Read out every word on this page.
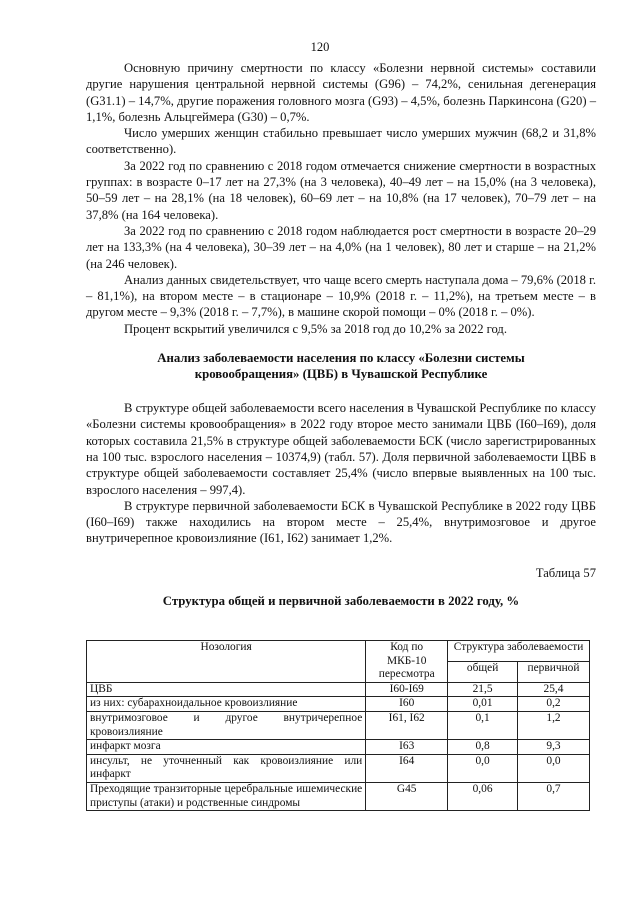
120

Основную причину смертности по классу «Болезни нервной системы» составили другие нарушения центральной нервной системы (G96) – 74,2%, сенильная дегенерация (G31.1) – 14,7%, другие поражения головного мозга (G93) – 4,5%, болезнь Паркинсона (G20) – 1,1%, болезнь Альцгеймера (G30) – 0,7%.

Число умерших женщин стабильно превышает число умерших мужчин (68,2 и 31,8% соответственно).

За 2022 год по сравнению с 2018 годом отмечается снижение смертности в возрастных группах: в возрасте 0–17 лет на 27,3% (на 3 человека), 40–49 лет – на 15,0% (на 3 человека), 50–59 лет – на 28,1% (на 18 человек), 60–69 лет – на 10,8% (на 17 человек), 70–79 лет – на 37,8% (на 164 человека).

За 2022 год по сравнению с 2018 годом наблюдается рост смертности в возрасте 20–29 лет на 133,3% (на 4 человека), 30–39 лет – на 4,0% (на 1 человек), 80 лет и старше – на 21,2% (на 246 человек).

Анализ данных свидетельствует, что чаще всего смерть наступала дома – 79,6% (2018 г. – 81,1%), на втором месте – в стационаре – 10,9% (2018 г. – 11,2%), на третьем месте – в другом месте – 9,3% (2018 г. – 7,7%), в машине скорой помощи – 0% (2018 г. – 0%).

Процент вскрытий увеличился с 9,5% за 2018 год до 10,2% за 2022 год.

Анализ заболеваемости населения по классу «Болезни системы
кровообращения» (ЦВБ) в Чувашской Республике

В структуре общей заболеваемости всего населения в Чувашской Республике по классу «Болезни системы кровообращения» в 2022 году второе место занимали ЦВБ (I60–I69), доля которых составила 21,5% в структуре общей заболеваемости БСК (число зарегистрированных на 100 тыс. взрослого населения – 10374,9) (табл. 57). Доля первичной заболеваемости ЦВБ в структуре общей заболеваемости составляет 25,4% (число впервые выявленных на 100 тыс. взрослого населения – 997,4).

В структуре первичной заболеваемости БСК в Чувашской Республике в 2022 году ЦВБ (I60–I69) также находились на втором месте – 25,4%, внутримозговое и другое внутричерепное кровоизлияние (I61, I62) занимает 1,2%.

Таблица 57
Структура общей и первичной заболеваемости в 2022 году, %
Нозология	Код по МКБ-10 пересмотра	Структура заболеваемости	
		общей	первичной
ЦВБ	I60-I69	21,5	25,4
из них: субарахноидальное кровоизлияние	I60	0,01	0,2
внутримозговое и другое внутричерепное кровоизлияние	I61, I62	0,1	1,2
инфаркт мозга	I63	0,8	9,3
инсульт, не уточненный как кровоизлияние или инфаркт	I64	0,0	0,0
Преходящие транзиторные церебральные ишемические приступы (атаки) и родственные синдромы	G45	0,06	0,7
